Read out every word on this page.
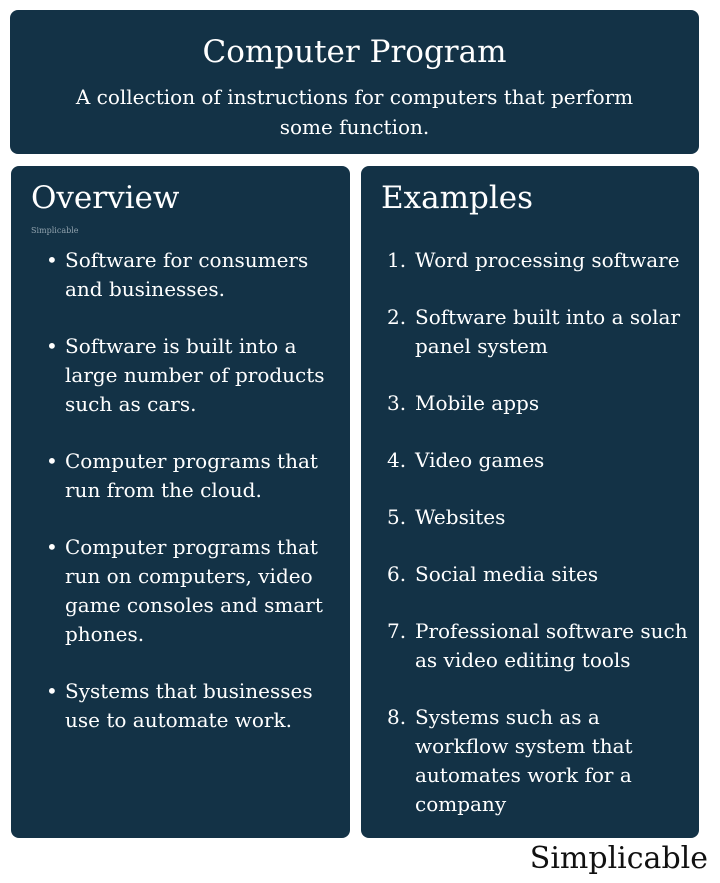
Computer Program
A collection of instructions for computers that perform some function.
Overview
Simplicable
• Software for consumers and businesses.
• Software is built into a large number of products such as cars.
• Computer programs that run from the cloud.
• Computer programs that run on computers, video game consoles and smart phones.
• Systems that businesses use to automate work.
Examples
1. Word processing software
2. Software built into a solar panel system
3. Mobile apps
4. Video games
5. Websites
6. Social media sites
7. Professional software such as video editing tools
8. Systems such as a workflow system that automates work for a company
Simplicable
